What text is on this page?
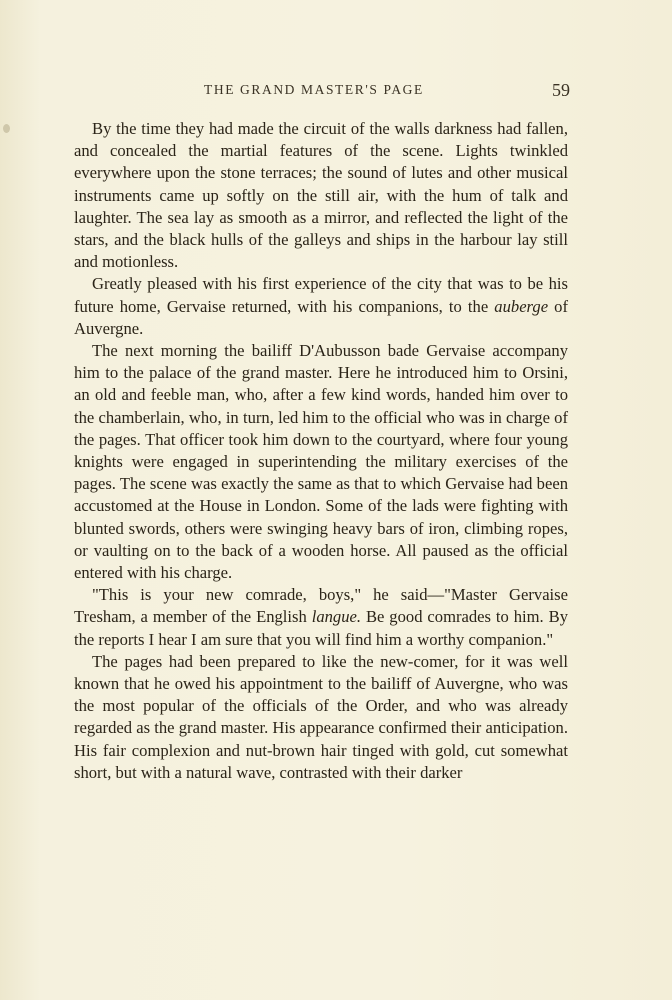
THE GRAND MASTER'S PAGE	59

By the time they had made the circuit of the walls darkness had fallen, and concealed the martial features of the scene. Lights twinkled everywhere upon the stone terraces; the sound of lutes and other musical instruments came up softly on the still air, with the hum of talk and laughter. The sea lay as smooth as a mirror, and reflected the light of the stars, and the black hulls of the galleys and ships in the harbour lay still and motionless.

Greatly pleased with his first experience of the city that was to be his future home, Gervaise returned, with his companions, to the auberge of Auvergne.

The next morning the bailiff D'Aubusson bade Gervaise accompany him to the palace of the grand master. Here he introduced him to Orsini, an old and feeble man, who, after a few kind words, handed him over to the chamberlain, who, in turn, led him to the official who was in charge of the pages. That officer took him down to the courtyard, where four young knights were engaged in superintending the military exercises of the pages. The scene was exactly the same as that to which Gervaise had been accustomed at the House in London. Some of the lads were fighting with blunted swords, others were swinging heavy bars of iron, climbing ropes, or vaulting on to the back of a wooden horse. All paused as the official entered with his charge.

"This is your new comrade, boys," he said—"Master Gervaise Tresham, a member of the English langue. Be good comrades to him. By the reports I hear I am sure that you will find him a worthy companion."

The pages had been prepared to like the new-comer, for it was well known that he owed his appointment to the bailiff of Auvergne, who was the most popular of the officials of the Order, and who was already regarded as the grand master. His appearance confirmed their anticipation. His fair complexion and nut-brown hair tinged with gold, cut somewhat short, but with a natural wave, contrasted with their darker
